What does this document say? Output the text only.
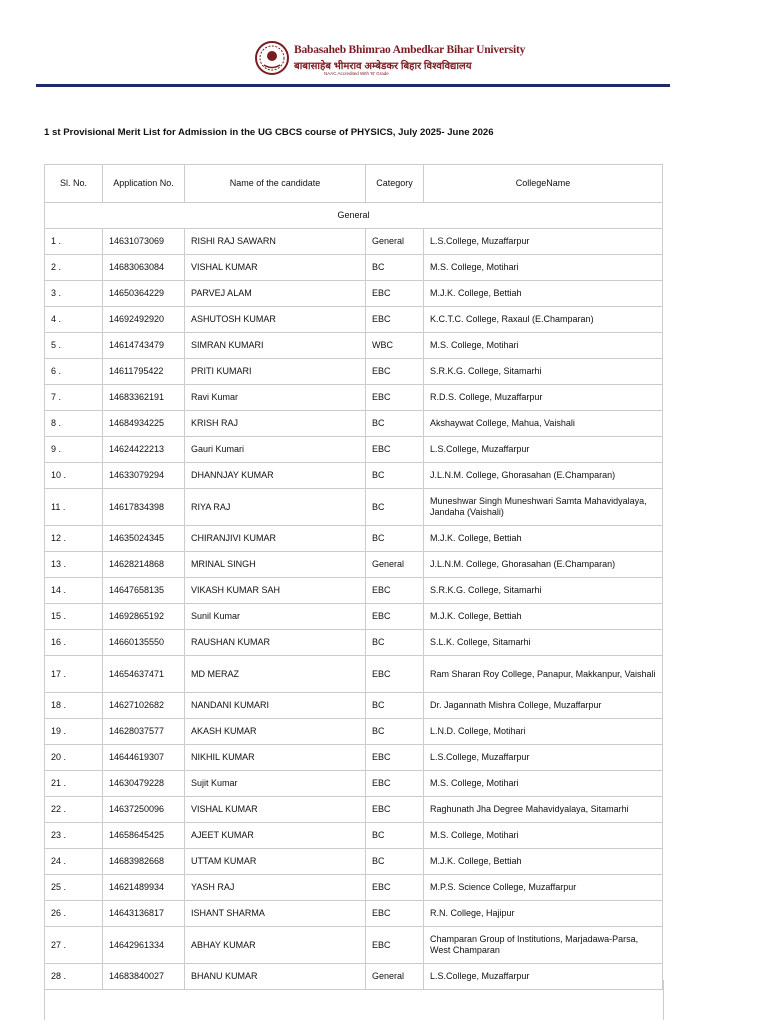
Babasaheb Bhimrao Ambedkar Bihar University
बाबासाहेब भीमराव अम्बेडकर बिहार विश्वविद्यालय
NAAC Accredited With 'B' Grade
1 st Provisional Merit List for Admission in the UG CBCS course of PHYSICS, July 2025- June 2026
Sl. No.	Application No.	Name of the candidate	Category	CollegeName
General				
1 .	14631073069	RISHI RAJ SAWARN	General	L.S.College, Muzaffarpur
2 .	14683063084	VISHAL KUMAR	BC	M.S. College, Motihari
3 .	14650364229	PARVEJ ALAM	EBC	M.J.K. College, Bettiah
4 .	14692492920	ASHUTOSH KUMAR	EBC	K.C.T.C. College, Raxaul (E.Champaran)
5 .	14614743479	SIMRAN KUMARI	WBC	M.S. College, Motihari
6 .	14611795422	PRITI KUMARI	EBC	S.R.K.G. College, Sitamarhi
7 .	14683362191	Ravi Kumar	EBC	R.D.S. College, Muzaffarpur
8 .	14684934225	KRISH RAJ	BC	Akshaywat College, Mahua, Vaishali
9 .	14624422213	Gauri Kumari	EBC	L.S.College, Muzaffarpur
10 .	14633079294	DHANNJAY KUMAR	BC	J.L.N.M. College, Ghorasahan (E.Champaran)
11 .	14617834398	RIYA RAJ	BC	Muneshwar Singh Muneshwari Samta Mahavidyalaya, Jandaha (Vaishali)
12 .	14635024345	CHIRANJIVI KUMAR	BC	M.J.K. College, Bettiah
13 .	14628214868	MRINAL SINGH	General	J.L.N.M. College, Ghorasahan (E.Champaran)
14 .	14647658135	VIKASH KUMAR SAH	EBC	S.R.K.G. College, Sitamarhi
15 .	14692865192	Sunil Kumar	EBC	M.J.K. College, Bettiah
16 .	14660135550	RAUSHAN KUMAR	BC	S.L.K. College, Sitamarhi
17 .	14654637471	MD MERAZ	EBC	Ram Sharan Roy College, Panapur, Makkanpur, Vaishali
18 .	14627102682	NANDANI KUMARI	BC	Dr. Jagannath Mishra College, Muzaffarpur
19 .	14628037577	AKASH KUMAR	BC	L.N.D. College, Motihari
20 .	14644619307	NIKHIL KUMAR	EBC	L.S.College, Muzaffarpur
21 .	14630479228	Sujit Kumar	EBC	M.S. College, Motihari
22 .	14637250096	VISHAL KUMAR	EBC	Raghunath Jha Degree Mahavidyalaya, Sitamarhi
23 .	14658645425	AJEET KUMAR	BC	M.S. College, Motihari
24 .	14683982668	UTTAM KUMAR	BC	M.J.K. College, Bettiah
25 .	14621489934	YASH RAJ	EBC	M.P.S. Science College, Muzaffarpur
26 .	14643136817	ISHANT SHARMA	EBC	R.N. College, Hajipur
27 .	14642961334	ABHAY KUMAR	EBC	Champaran Group of Institutions, Marjadawa-Parsa, West Champaran
28 .	14683840027	BHANU KUMAR	General	L.S.College, Muzaffarpur
